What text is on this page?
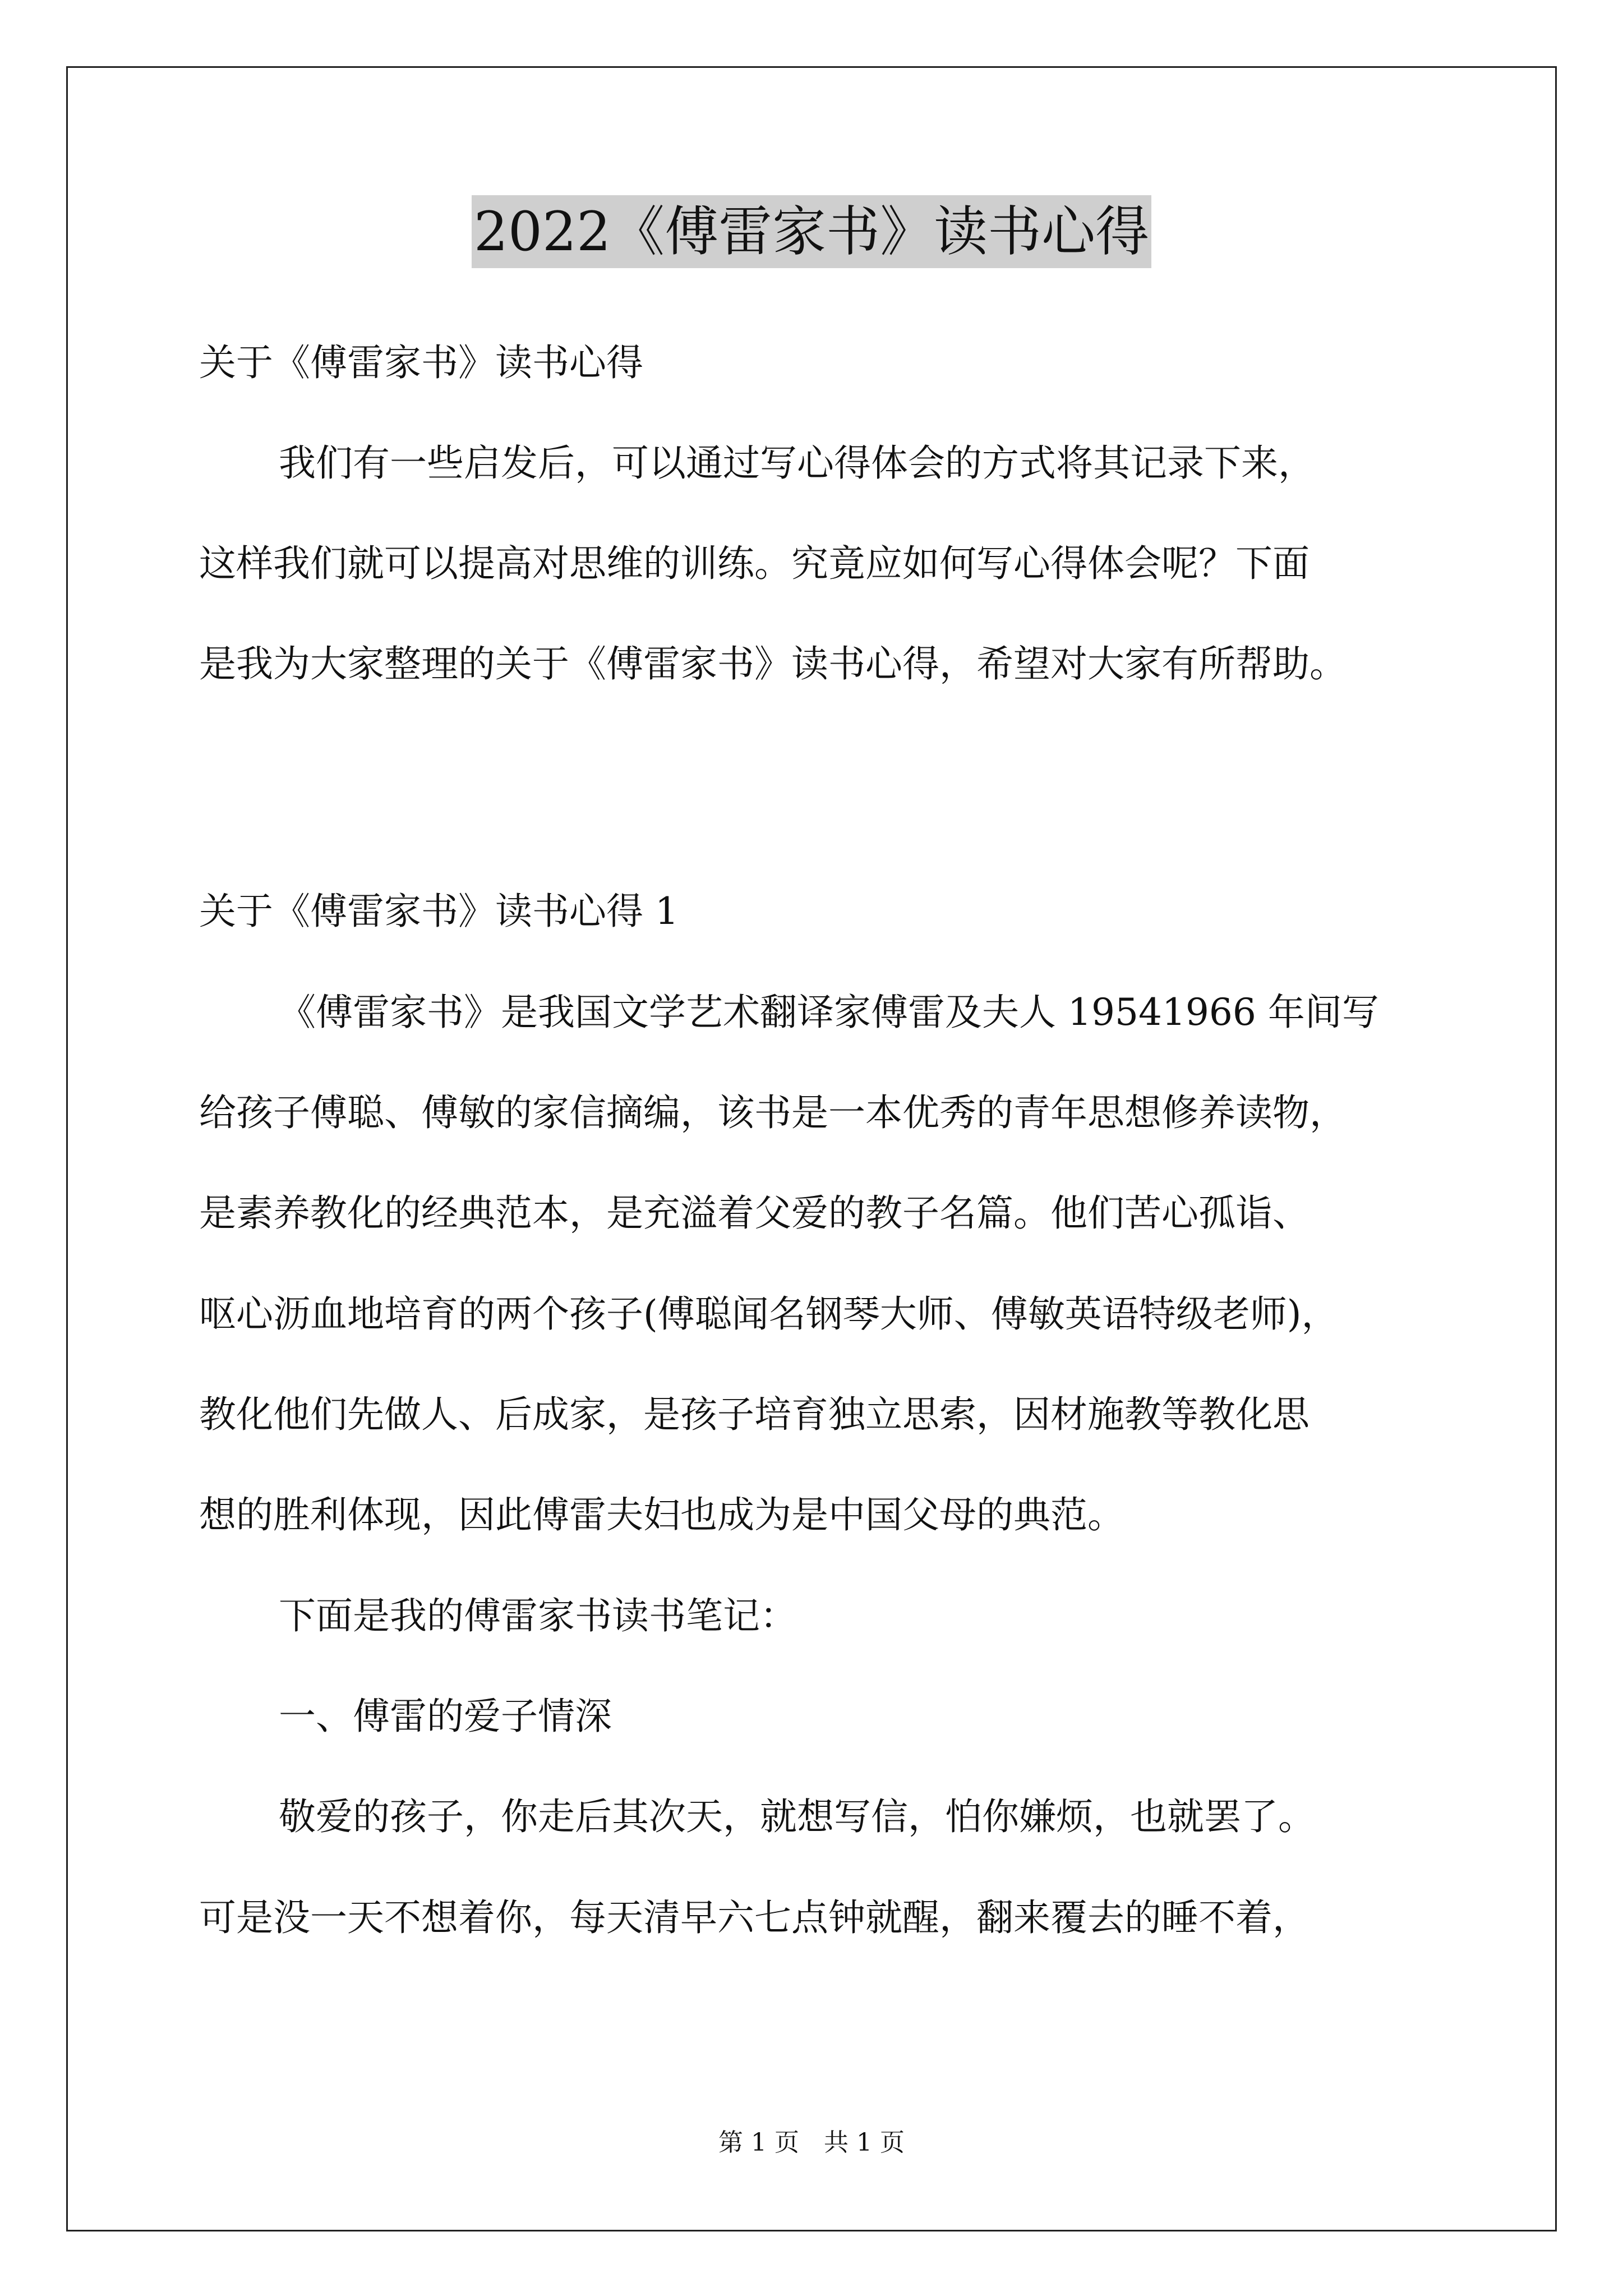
2022《傅雷家书》读书心得
关于《傅雷家书》读书心得
我们有一些启发后，可以通过写心得体会的方式将其记录下来，
这样我们就可以提高对思维的训练。究竟应如何写心得体会呢？下面
是我为大家整理的关于《傅雷家书》读书心得，希望对大家有所帮助。
关于《傅雷家书》读书心得 1
《傅雷家书》是我国文学艺术翻译家傅雷及夫人 19541966 年间写
给孩子傅聪、傅敏的家信摘编，该书是一本优秀的青年思想修养读物，
是素养教化的经典范本，是充溢着父爱的教子名篇。他们苦心孤诣、
呕心沥血地培育的两个孩子(傅聪闻名钢琴大师、傅敏英语特级老师)，
教化他们先做人、后成家，是孩子培育独立思索，因材施教等教化思
想的胜利体现，因此傅雷夫妇也成为是中国父母的典范。
下面是我的傅雷家书读书笔记：
一、傅雷的爱子情深
敬爱的孩子，你走后其次天，就想写信，怕你嫌烦，也就罢了。
可是没一天不想着你，每天清早六七点钟就醒，翻来覆去的睡不着，
第 1 页　共 1 页
